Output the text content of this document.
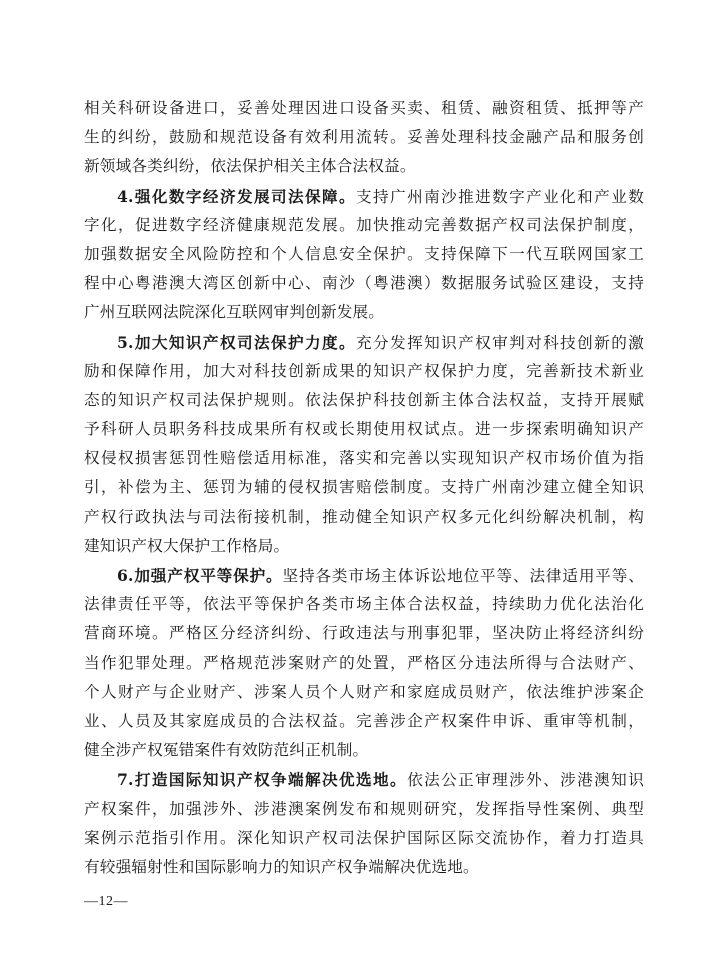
相关科研设备进口，妥善处理因进口设备买卖、租赁、融资租赁、抵押等产
生的纠纷，鼓励和规范设备有效利用流转。妥善处理科技金融产品和服务创
新领域各类纠纷，依法保护相关主体合法权益。
4.强化数字经济发展司法保障。支持广州南沙推进数字产业化和产业数
字化，促进数字经济健康规范发展。加快推动完善数据产权司法保护制度，
加强数据安全风险防控和个人信息安全保护。支持保障下一代互联网国家工
程中心粤港澳大湾区创新中心、南沙（粤港澳）数据服务试验区建设，支持
广州互联网法院深化互联网审判创新发展。
5.加大知识产权司法保护力度。充分发挥知识产权审判对科技创新的激
励和保障作用，加大对科技创新成果的知识产权保护力度，完善新技术新业
态的知识产权司法保护规则。依法保护科技创新主体合法权益，支持开展赋
予科研人员职务科技成果所有权或长期使用权试点。进一步探索明确知识产
权侵权损害惩罚性赔偿适用标准，落实和完善以实现知识产权市场价值为指
引，补偿为主、惩罚为辅的侵权损害赔偿制度。支持广州南沙建立健全知识
产权行政执法与司法衔接机制，推动健全知识产权多元化纠纷解决机制，构
建知识产权大保护工作格局。
6.加强产权平等保护。坚持各类市场主体诉讼地位平等、法律适用平等、
法律责任平等，依法平等保护各类市场主体合法权益，持续助力优化法治化
营商环境。严格区分经济纠纷、行政违法与刑事犯罪，坚决防止将经济纠纷
当作犯罪处理。严格规范涉案财产的处置，严格区分违法所得与合法财产、
个人财产与企业财产、涉案人员个人财产和家庭成员财产，依法维护涉案企
业、人员及其家庭成员的合法权益。完善涉企产权案件申诉、重审等机制，
健全涉产权冤错案件有效防范纠正机制。
7.打造国际知识产权争端解决优选地。依法公正审理涉外、涉港澳知识
产权案件，加强涉外、涉港澳案例发布和规则研究，发挥指导性案例、典型
案例示范指引作用。深化知识产权司法保护国际区际交流协作，着力打造具
有较强辐射性和国际影响力的知识产权争端解决优选地。
—12—
